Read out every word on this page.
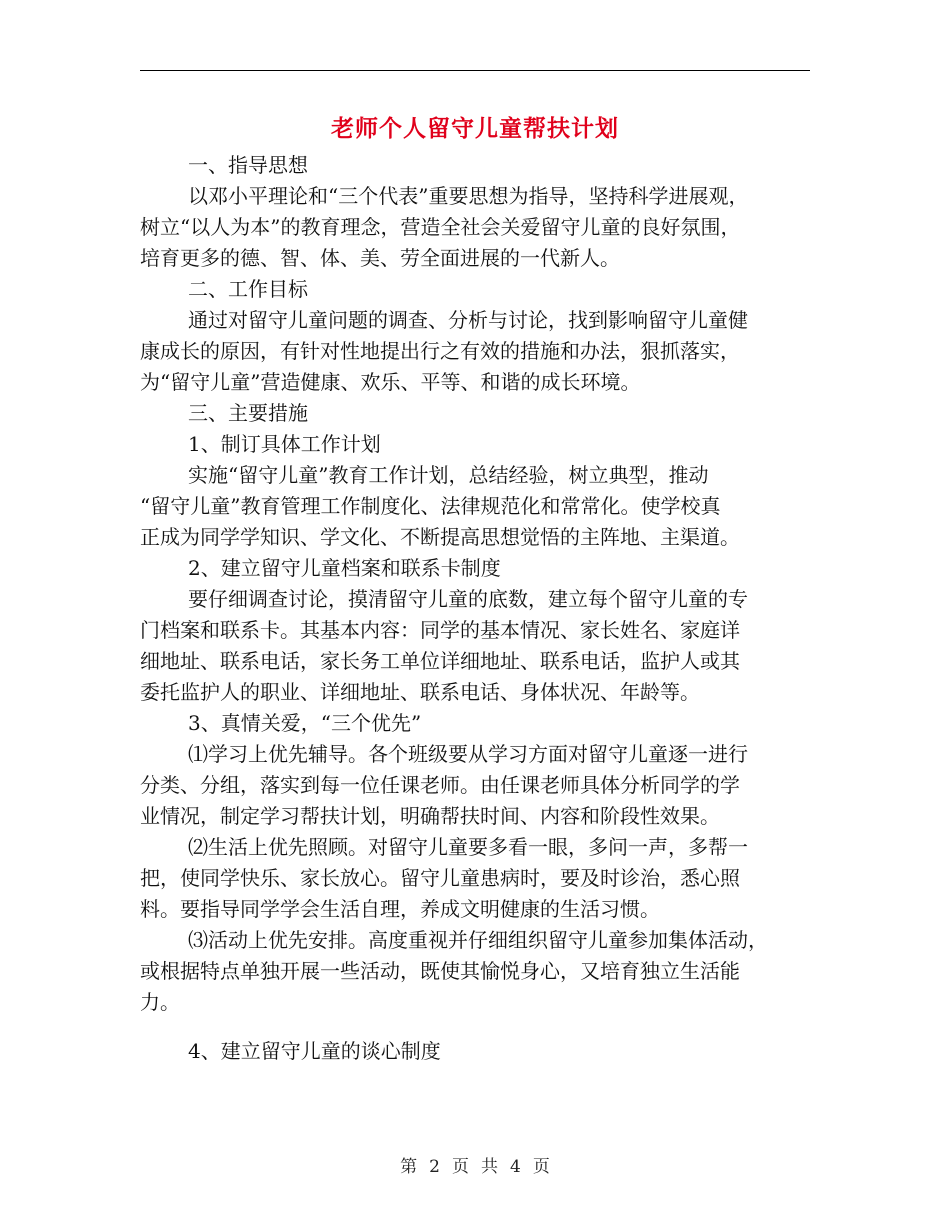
老师个人留守儿童帮扶计划
一、指导思想
以邓小平理论和“三个代表”重要思想为指导，坚持科学进展观，
树立“以人为本”的教育理念，营造全社会关爱留守儿童的良好氛围，
培育更多的德、智、体、美、劳全面进展的一代新人。
二、工作目标
通过对留守儿童问题的调查、分析与讨论，找到影响留守儿童健
康成长的原因，有针对性地提出行之有效的措施和办法，狠抓落实，
为“留守儿童”营造健康、欢乐、平等、和谐的成长环境。
三、主要措施
1、制订具体工作计划
实施“留守儿童”教育工作计划，总结经验，树立典型，推动
“留守儿童”教育管理工作制度化、法律规范化和常常化。使学校真
正成为同学学知识、学文化、不断提高思想觉悟的主阵地、主渠道。
2、建立留守儿童档案和联系卡制度
要仔细调查讨论，摸清留守儿童的底数，建立每个留守儿童的专
门档案和联系卡。其基本内容：同学的基本情况、家长姓名、家庭详
细地址、联系电话，家长务工单位详细地址、联系电话，监护人或其
委托监护人的职业、详细地址、联系电话、身体状况、年龄等。
3、真情关爱，“三个优先”
⑴学习上优先辅导。各个班级要从学习方面对留守儿童逐一进行
分类、分组，落实到每一位任课老师。由任课老师具体分析同学的学
业情况，制定学习帮扶计划，明确帮扶时间、内容和阶段性效果。
⑵生活上优先照顾。对留守儿童要多看一眼，多问一声，多帮一
把，使同学快乐、家长放心。留守儿童患病时，要及时诊治，悉心照
料。要指导同学学会生活自理，养成文明健康的生活习惯。
⑶活动上优先安排。高度重视并仔细组织留守儿童参加集体活动，
或根据特点单独开展一些活动，既使其愉悦身心，又培育独立生活能
力。
4、建立留守儿童的谈心制度
第 2 页 共 4 页
